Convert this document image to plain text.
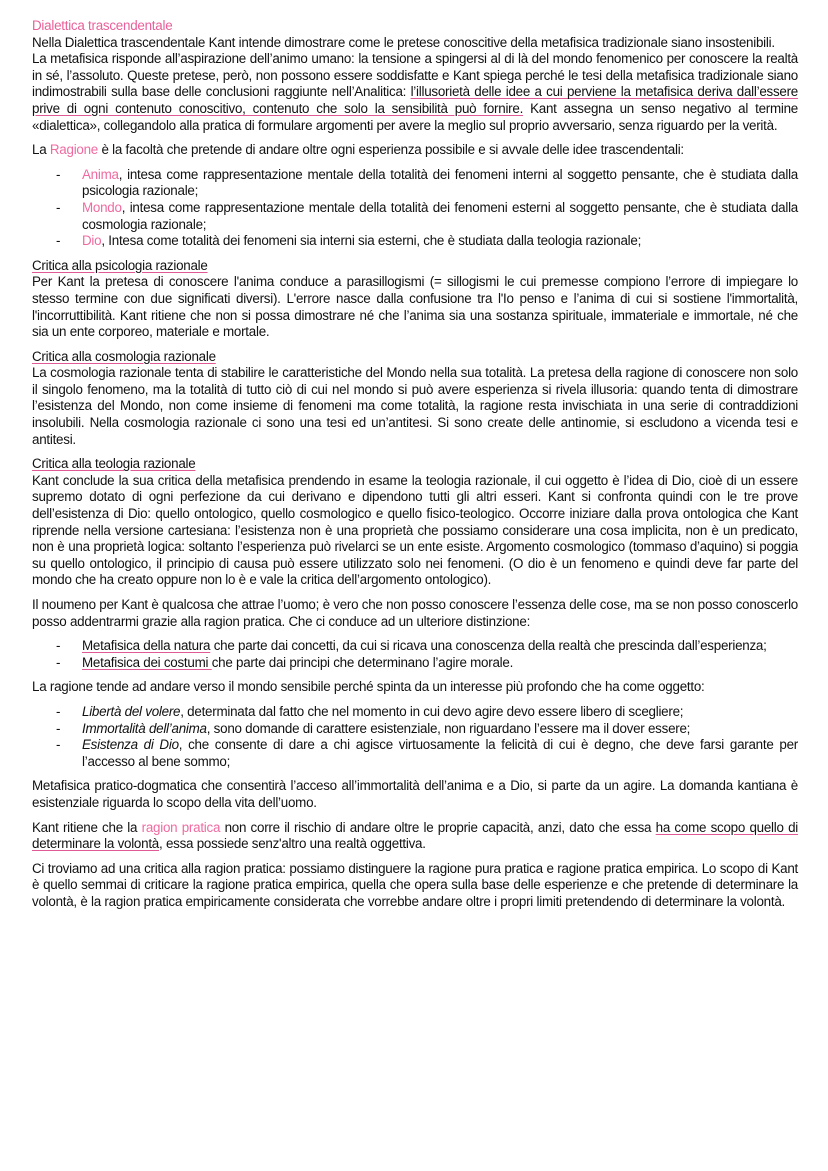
Dialettica trascendentale

Nella Dialettica trascendentale Kant intende dimostrare come le pretese conoscitive della metafisica tradizionale siano insostenibili.

La metafisica risponde all’aspirazione dell’animo umano: la tensione a spingersi al di là del mondo fenomenico per conoscere la realtà in sé, l’assoluto. Queste pretese, però, non possono essere soddisfatte e Kant spiega perché le tesi della metafisica tradizionale siano indimostrabili sulla base delle conclusioni raggiunte nell’Analitica: l’illusorietà delle idee a cui perviene la metafisica deriva dall’essere prive di ogni contenuto conoscitivo, contenuto che solo la sensibilità può fornire. Kant assegna un senso negativo al termine «dialettica», collegandolo alla pratica di formulare argomenti per avere la meglio sul proprio avversario, senza riguardo per la verità.

La Ragione è la facoltà che pretende di andare oltre ogni esperienza possibile e si avvale delle idee trascendentali:

- Anima, intesa come rappresentazione mentale della totalità dei fenomeni interni al soggetto pensante, che è studiata dalla psicologia razionale;
- Mondo, intesa come rappresentazione mentale della totalità dei fenomeni esterni al soggetto pensante, che è studiata dalla cosmologia razionale;
- Dio, Intesa come totalità dei fenomeni sia interni sia esterni, che è studiata dalla teologia razionale;

Critica alla psicologia razionale
Per Kant la pretesa di conoscere l'anima conduce a parasillogismi (= sillogismi le cui premesse compiono l’errore di impiegare lo stesso termine con due significati diversi). L'errore nasce dalla confusione tra l'Io penso e l’anima di cui si sostiene l'immortalità, l'incorruttibilità. Kant ritiene che non si possa dimostrare né che l’anima sia una sostanza spirituale, immateriale e immortale, né che sia un ente corporeo, materiale e mortale.

Critica alla cosmologia razionale
La cosmologia razionale tenta di stabilire le caratteristiche del Mondo nella sua totalità. La pretesa della ragione di conoscere non solo il singolo fenomeno, ma la totalità di tutto ciò di cui nel mondo si può avere esperienza si rivela illusoria: quando tenta di dimostrare l’esistenza del Mondo, non come insieme di fenomeni ma come totalità, la ragione resta invischiata in una serie di contraddizioni insolubili. Nella cosmologia razionale ci sono una tesi ed un’antitesi. Si sono create delle antinomie, si escludono a vicenda tesi e antitesi.

Critica alla teologia razionale
Kant conclude la sua critica della metafisica prendendo in esame la teologia razionale, il cui oggetto è l’idea di Dio, cioè di un essere supremo dotato di ogni perfezione da cui derivano e dipendono tutti gli altri esseri. Kant si confronta quindi con le tre prove dell’esistenza di Dio: quello ontologico, quello cosmologico e quello fisico-teologico. Occorre iniziare dalla prova ontologica che Kant riprende nella versione cartesiana: l’esistenza non è una proprietà che possiamo considerare una cosa implicita, non è un predicato, non è una proprietà logica: soltanto l’esperienza può rivelarci se un ente esiste. Argomento cosmologico (tommaso d’aquino) si poggia su quello ontologico, il principio di causa può essere utilizzato solo nei fenomeni. (O dio è un fenomeno e quindi deve far parte del mondo che ha creato oppure non lo è e vale la critica dell’argomento ontologico).

Il noumeno per Kant è qualcosa che attrae l’uomo; è vero che non posso conoscere l’essenza delle cose, ma se non posso conoscerlo posso addentrarmi grazie alla ragion pratica. Che ci conduce ad un ulteriore distinzione:

- Metafisica della natura che parte dai concetti, da cui si ricava una conoscenza della realtà che prescinda dall’esperienza;
- Metafisica dei costumi che parte dai principi che determinano l’agire morale.

La ragione tende ad andare verso il mondo sensibile perché spinta da un interesse più profondo che ha come oggetto:

- Libertà del volere, determinata dal fatto che nel momento in cui devo agire devo essere libero di scegliere;
- Immortalità dell’anima, sono domande di carattere esistenziale, non riguardano l’essere ma il dover essere;
- Esistenza di Dio, che consente di dare a chi agisce virtuosamente la felicità di cui è degno, che deve farsi garante per l’accesso al bene sommo;

Metafisica pratico-dogmatica che consentirà l’acceso all’immortalità dell’anima e a Dio, si parte da un agire. La domanda kantiana è esistenziale riguarda lo scopo della vita dell’uomo.

Kant ritiene che la ragion pratica non corre il rischio di andare oltre le proprie capacità, anzi, dato che essa ha come scopo quello di determinare la volontà, essa possiede senz'altro una realtà oggettiva.

Ci troviamo ad una critica alla ragion pratica: possiamo distinguere la ragione pura pratica e ragione pratica empirica. Lo scopo di Kant è quello semmai di criticare la ragione pratica empirica, quella che opera sulla base delle esperienze e che pretende di determinare la volontà, è la ragion pratica empiricamente considerata che vorrebbe andare oltre i propri limiti pretendendo di determinare la volontà.
